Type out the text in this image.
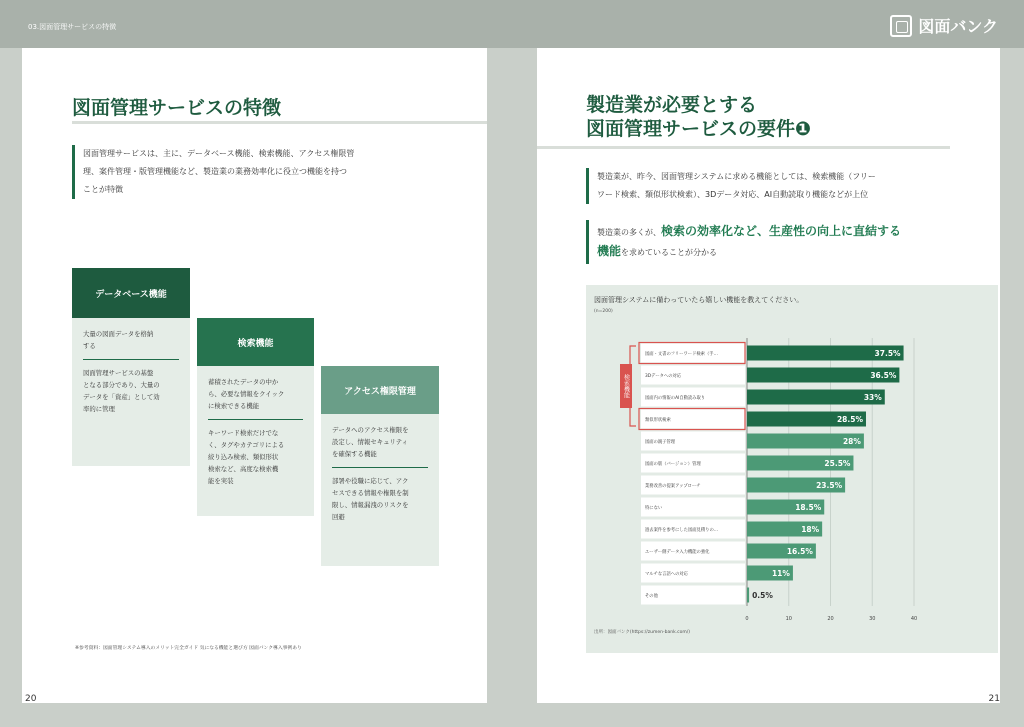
03.図面管理サービスの特徴	図面バンク
図面管理サービスの特徴
図面管理サービスは、主に、データベース機能、検索機能、アクセス権限管
理、案件管理・版管理機能など、製造業の業務効率化に役立つ機能を持つ
ことが特徴
データベース機能
大量の図面データを格納
する
図面管理サービスの基盤
となる部分であり、大量の
データを「資産」として効
率的に管理
検索機能
蓄積されたデータの中か
ら、必要な情報をクイック
に検索できる機能
キーワード検索だけでな
く、タグやカテゴリによる
絞り込み検索、類似形状
検索など、高度な検索機
能を実装
アクセス権限管理
データへのアクセス権限を
設定し、情報セキュリティ
を確保する機能
部署や役職に応じて、アク
セスできる情報や権限を制
限し、情報漏洩のリスクを
回避
※参考資料：図面管理システム導入のメリット完全ガイド 気になる機能と選び方 図面バンク導入事例あり
20
製造業が必要とする
図面管理サービスの要件❶
製造業が、昨今、図面管理システムに求める機能としては、検索機能（フリー
ワード検索、類似形状検索）、3Dデータ対応、AI自動読取り機能などが上位
製造業の多くが、検索の効率化など、生産性の向上に直結する
機能を求めていることが分かる
図面管理システムに備わっていたら嬉しい機能を教えてください。
(n=200)
0	10	20	30	40
図面・文書のフリーワード検索（手…	37.5%
3Dデータへの対応	36.5%
図面内の情報のAI自動読み取り	33%
類似形状検索	28.5%
図面の親子管理	28%
図面の版（バージョン）管理	25.5%
業務改善の提案アップローチ	23.5%
特にない	18.5%
過去案件を参考にした図面見積りの…	18%
ユーザー側データ入力機能の強化	16.5%
マルチな言語への対応	11%
その他	0.5%
検索機能
出所：図面バンク(https://zumen-bank.com/)
21
